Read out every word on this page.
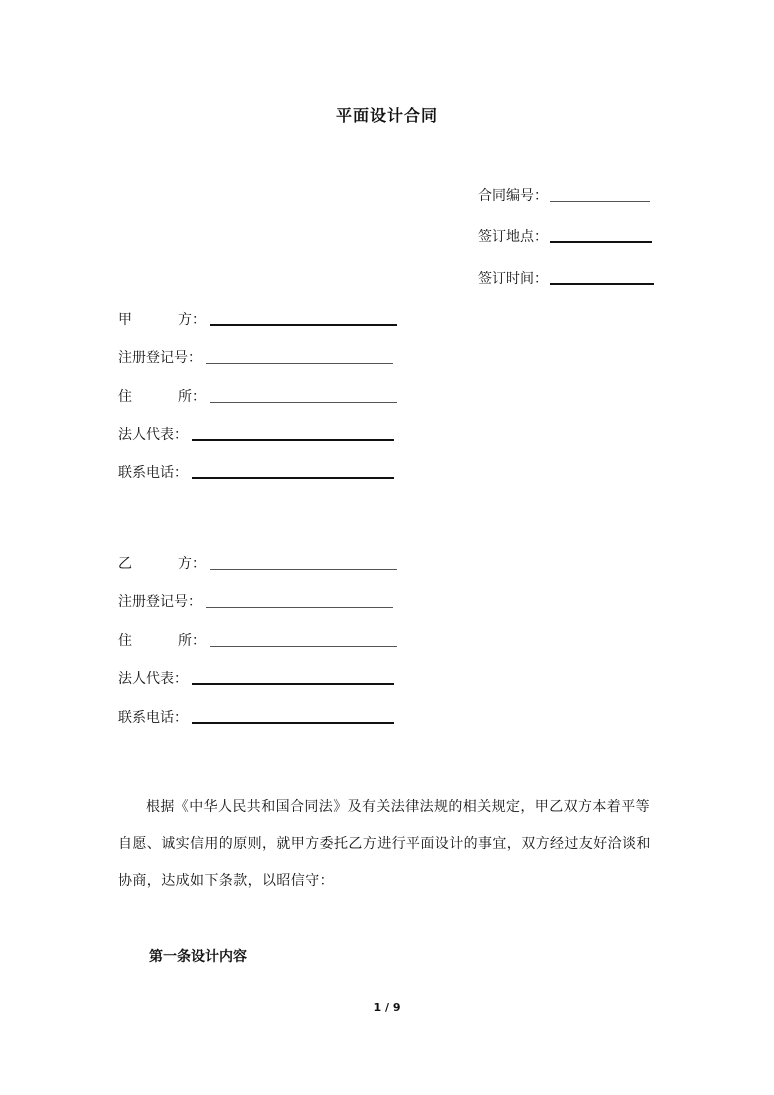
平面设计合同
合同编号：
签订地点：
签订时间：
甲	方：
注册登记号：
住	所：
法人代表：
联系电话：
乙	方：
注册登记号：
住	所：
法人代表：
联系电话：
根据《中华人民共和国合同法》及有关法律法规的相关规定，甲乙双方本着平等自愿、诚实信用的原则，就甲方委托乙方进行平面设计的事宜，双方经过友好洽谈和协商，达成如下条款，以昭信守：
第一条设计内容
1 / 9
